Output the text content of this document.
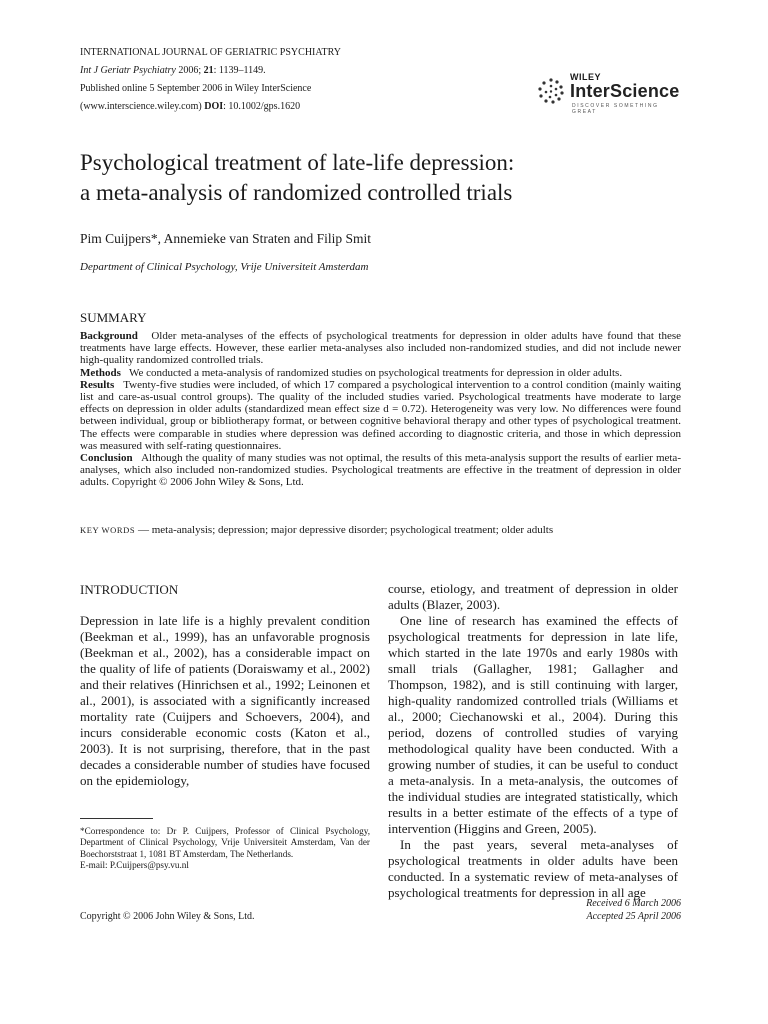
INTERNATIONAL JOURNAL OF GERIATRIC PSYCHIATRY
Int J Geriatr Psychiatry 2006; 21: 1139–1149.
Published online 5 September 2006 in Wiley InterScience
(www.interscience.wiley.com) DOI: 10.1002/gps.1620
WILEY
InterScience
DISCOVER SOMETHING GREAT
Psychological treatment of late-life depression:
a meta-analysis of randomized controlled trials
Pim Cuijpers*, Annemieke van Straten and Filip Smit
Department of Clinical Psychology, Vrije Universiteit Amsterdam
SUMMARY

Background Older meta-analyses of the effects of psychological treatments for depression in older adults have found that these treatments have large effects. However, these earlier meta-analyses also included non-randomized studies, and did not include newer high-quality randomized controlled trials.

Methods We conducted a meta-analysis of randomized studies on psychological treatments for depression in older adults.

Results Twenty-five studies were included, of which 17 compared a psychological intervention to a control condition (mainly waiting list and care-as-usual control groups). The quality of the included studies varied. Psychological treatments have moderate to large effects on depression in older adults (standardized mean effect size d = 0.72). Heterogeneity was very low. No differences were found between individual, group or bibliotherapy format, or between cognitive behavioral therapy and other types of psychological treatment. The effects were comparable in studies where depression was defined according to diagnostic criteria, and those in which depression was measured with self-rating questionnaires.

Conclusion Although the quality of many studies was not optimal, the results of this meta-analysis support the results of earlier meta-analyses, which also included non-randomized studies. Psychological treatments are effective in the treatment of depression in older adults. Copyright © 2006 John Wiley & Sons, Ltd.

KEY WORDS — meta-analysis; depression; major depressive disorder; psychological treatment; older adults
INTRODUCTION

Depression in late life is a highly prevalent condition (Beekman et al., 1999), has an unfavorable prognosis (Beekman et al., 2002), has a considerable impact on the quality of life of patients (Doraiswamy et al., 2002) and their relatives (Hinrichsen et al., 1992; Leinonen et al., 2001), is associated with a significantly increased mortality rate (Cuijpers and Schoevers, 2004), and incurs considerable economic costs (Katon et al., 2003). It is not surprising, therefore, that in the past decades a considerable number of studies have focused on the epidemiology,

*Correspondence to: Dr P. Cuijpers, Professor of Clinical Psychology, Department of Clinical Psychology, Vrije Universiteit Amsterdam, Van der Boechorststraat 1, 1081 BT Amsterdam, The Netherlands.

E-mail: P.Cuijpers@psy.vu.nl

course, etiology, and treatment of depression in older adults (Blazer, 2003).

One line of research has examined the effects of psychological treatments for depression in late life, which started in the late 1970s and early 1980s with small trials (Gallagher, 1981; Gallagher and Thompson, 1982), and is still continuing with larger, high-quality randomized controlled trials (Williams et al., 2000; Ciechanowski et al., 2004). During this period, dozens of controlled studies of varying methodological quality have been conducted. With a growing number of studies, it can be useful to conduct a meta-analysis. In a meta-analysis, the outcomes of the individual studies are integrated statistically, which results in a better estimate of the effects of a type of intervention (Higgins and Green, 2005).

In the past years, several meta-analyses of psychological treatments in older adults have been conducted. In a systematic review of meta-analyses of psychological treatments for depression in all age

Copyright © 2006 John Wiley & Sons, Ltd.
Received 6 March 2006
Accepted 25 April 2006
